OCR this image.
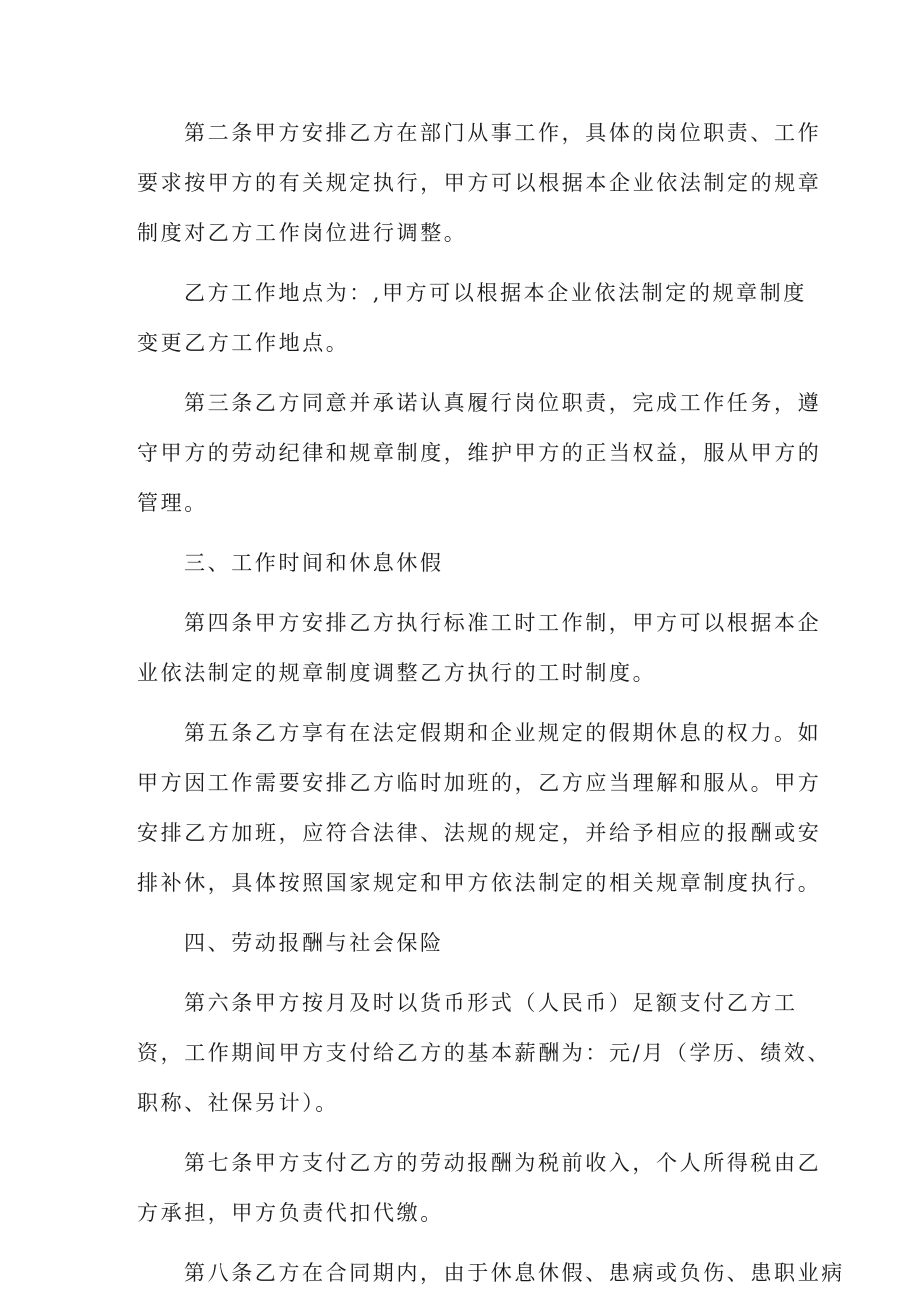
第二条甲方安排乙方在部门从事工作，具体的岗位职责、工作
要求按甲方的有关规定执行，甲方可以根据本企业依法制定的规章
制度对乙方工作岗位进行调整。
乙方工作地点为：,甲方可以根据本企业依法制定的规章制度
变更乙方工作地点。
第三条乙方同意并承诺认真履行岗位职责，完成工作任务，遵
守甲方的劳动纪律和规章制度，维护甲方的正当权益，服从甲方的
管理。
三、工作时间和休息休假
第四条甲方安排乙方执行标准工时工作制，甲方可以根据本企
业依法制定的规章制度调整乙方执行的工时制度。
第五条乙方享有在法定假期和企业规定的假期休息的权力。如
甲方因工作需要安排乙方临时加班的，乙方应当理解和服从。甲方
安排乙方加班，应符合法律、法规的规定，并给予相应的报酬或安
排补休，具体按照国家规定和甲方依法制定的相关规章制度执行。
四、劳动报酬与社会保险
第六条甲方按月及时以货币形式（人民币）足额支付乙方工
资，工作期间甲方支付给乙方的基本薪酬为：元/月（学历、绩效、
职称、社保另计）。
第七条甲方支付乙方的劳动报酬为税前收入，个人所得税由乙
方承担，甲方负责代扣代缴。
第八条乙方在合同期内，由于休息休假、患病或负伤、患职业病
